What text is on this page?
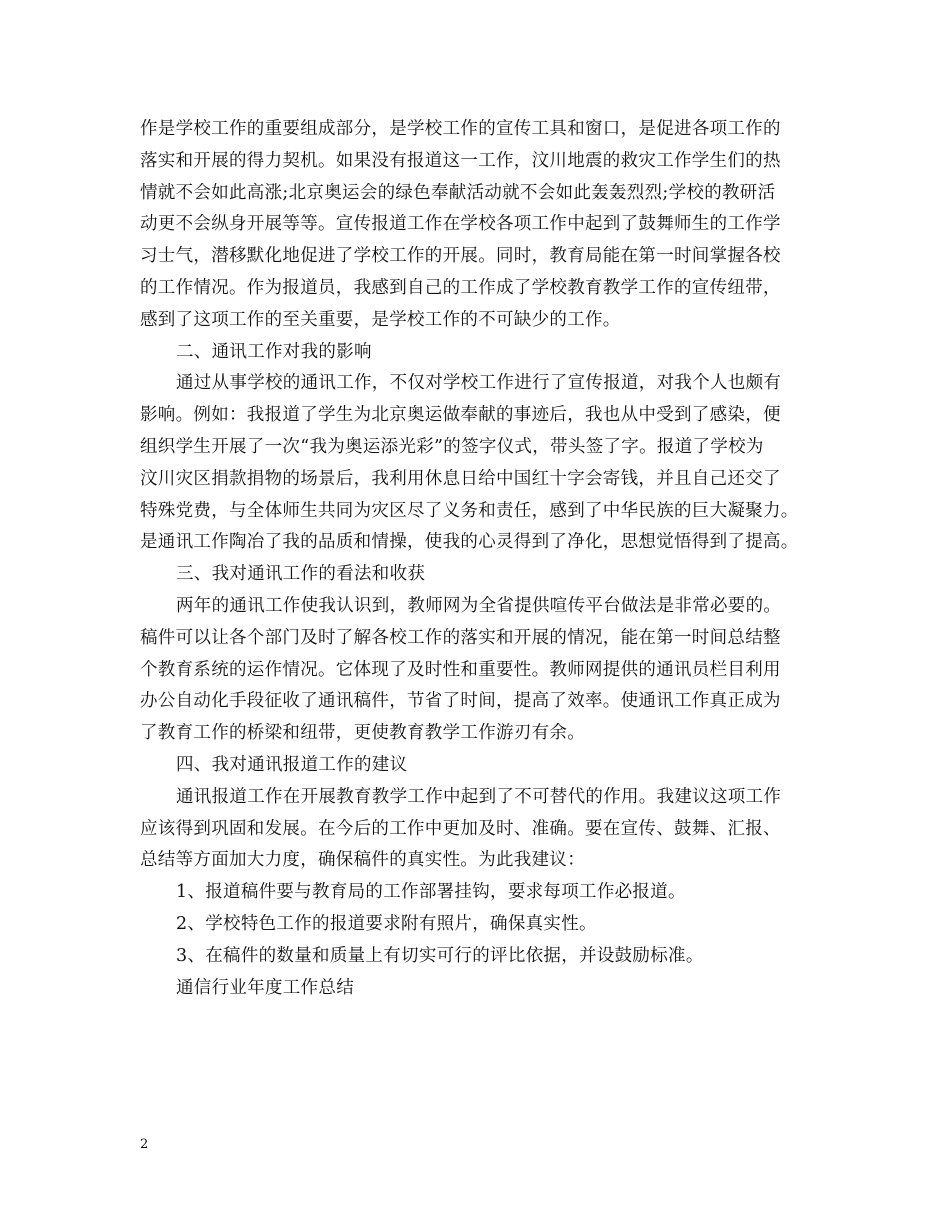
作是学校工作的重要组成部分，是学校工作的宣传工具和窗口，是促进各项工作的
落实和开展的得力契机。如果没有报道这一工作，汶川地震的救灾工作学生们的热
情就不会如此高涨;北京奥运会的绿色奉献活动就不会如此轰轰烈烈;学校的教研活
动更不会纵身开展等等。宣传报道工作在学校各项工作中起到了鼓舞师生的工作学
习士气，潜移默化地促进了学校工作的开展。同时，教育局能在第一时间掌握各校
的工作情况。作为报道员，我感到自己的工作成了学校教育教学工作的宣传纽带，
感到了这项工作的至关重要，是学校工作的不可缺少的工作。
二、通讯工作对我的影响
通过从事学校的通讯工作，不仅对学校工作进行了宣传报道，对我个人也颇有
影响。例如：我报道了学生为北京奥运做奉献的事迹后，我也从中受到了感染，便
组织学生开展了一次“我为奥运添光彩”的签字仪式，带头签了字。报道了学校为
汶川灾区捐款捐物的场景后，我利用休息日给中国红十字会寄钱，并且自己还交了
特殊党费，与全体师生共同为灾区尽了义务和责任，感到了中华民族的巨大凝聚力。
是通讯工作陶冶了我的品质和情操，使我的心灵得到了净化，思想觉悟得到了提高。
三、我对通讯工作的看法和收获
两年的通讯工作使我认识到，教师网为全省提供喧传平台做法是非常必要的。
稿件可以让各个部门及时了解各校工作的落实和开展的情况，能在第一时间总结整
个教育系统的运作情况。它体现了及时性和重要性。教师网提供的通讯员栏目利用
办公自动化手段征收了通讯稿件，节省了时间，提高了效率。使通讯工作真正成为
了教育工作的桥梁和纽带，更使教育教学工作游刃有余。
四、我对通讯报道工作的建议
通讯报道工作在开展教育教学工作中起到了不可替代的作用。我建议这项工作
应该得到巩固和发展。在今后的工作中更加及时、准确。要在宣传、鼓舞、汇报、
总结等方面加大力度，确保稿件的真实性。为此我建议：
1、报道稿件要与教育局的工作部署挂钩，要求每项工作必报道。
2、学校特色工作的报道要求附有照片，确保真实性。
3、在稿件的数量和质量上有切实可行的评比依据，并设鼓励标准。
通信行业年度工作总结
2
